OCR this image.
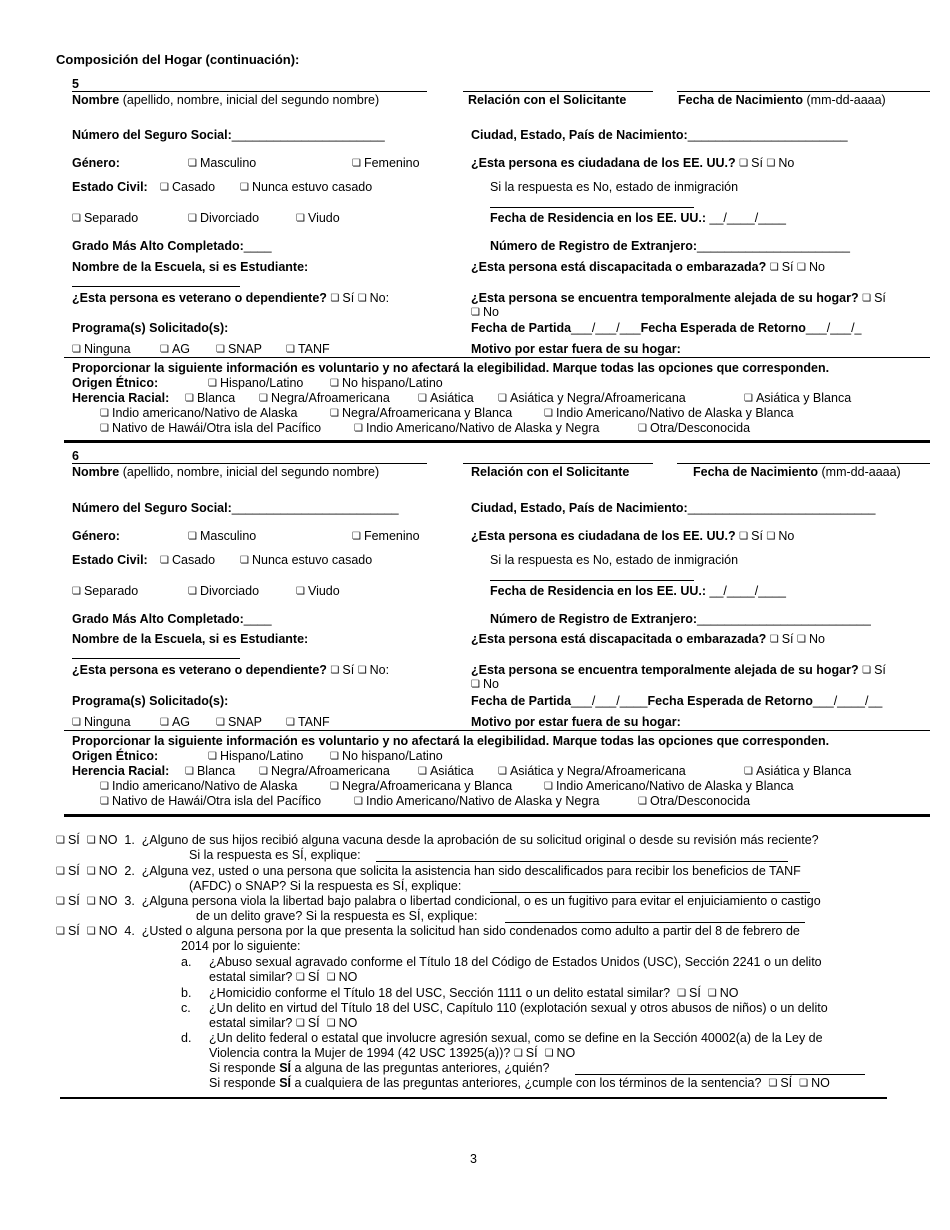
Composición del Hogar (continuación):
5
Nombre (apellido, nombre, inicial del segundo nombre)	Relación con el Solicitante	Fecha de Nacimiento (mm-dd-aaaa)
Número del Seguro Social:______________________	Ciudad, Estado, País de Nacimiento:_______________________
Género:	❏ Masculino	❏ Femenino	¿Esta persona es ciudadana de los EE. UU.? ❏ Sí ❏ No
Estado Civil:	❏ Casado	❏ Nunca estuvo casado	Si la respuesta es No, estado de inmigración
❏ Separado	❏ Divorciado	❏ Viudo	Fecha de Residencia en los EE. UU.: __/____/____
Grado Más Alto Completado:____	Número de Registro de Extranjero:______________________
Nombre de la Escuela, si es Estudiante:	¿Esta persona está discapacitada o embarazada? ❏ Sí ❏ No
¿Esta persona es veterano o dependiente? ❏ Sí ❏ No:	¿Esta persona se encuentra temporalmente alejada de su hogar? ❏ Sí
❏ No
Programa(s) Solicitado(s):	Fecha de Partida___/___/___Fecha Esperada de Retorno___/___/_
❏ Ninguna	❏ AG	❏ SNAP	❏ TANF	Motivo por estar fuera de su hogar:
Proporcionar la siguiente información es voluntario y no afectará la elegibilidad. Marque todas las opciones que corresponden.
Origen Étnico:	❏ Hispano/Latino	❏ No hispano/Latino
Herencia Racial:	❏ Blanca	❏ Negra/Afroamericana	❏ Asiática	❏ Asiática y Negra/Afroamericana	❏ Asiática y Blanca
❏ Indio americano/Nativo de Alaska	❏ Negra/Afroamericana y Blanca	❏ Indio Americano/Nativo de Alaska y Blanca
❏ Nativo de Hawái/Otra isla del Pacífico	❏ Indio Americano/Nativo de Alaska y Negra	❏ Otra/Desconocida
6
Nombre (apellido, nombre, inicial del segundo nombre)	Relación con el Solicitante	Fecha de Nacimiento (mm-dd-aaaa)
Número del Seguro Social:________________________	Ciudad, Estado, País de Nacimiento:___________________________
Género:	❏ Masculino	❏ Femenino	¿Esta persona es ciudadana de los EE. UU.? ❏ Sí ❏ No
Estado Civil:	❏ Casado	❏ Nunca estuvo casado	Si la respuesta es No, estado de inmigración
❏ Separado	❏ Divorciado	❏ Viudo	Fecha de Residencia en los EE. UU.: __/____/____
Grado Más Alto Completado:____	Número de Registro de Extranjero:_________________________
Nombre de la Escuela, si es Estudiante:	¿Esta persona está discapacitada o embarazada? ❏ Sí ❏ No
¿Esta persona es veterano o dependiente? ❏ Sí ❏ No:	¿Esta persona se encuentra temporalmente alejada de su hogar? ❏ Sí
❏ No
Programa(s) Solicitado(s):	Fecha de Partida___/___/____Fecha Esperada de Retorno___/____/__
❏ Ninguna	❏ AG	❏ SNAP	❏ TANF	Motivo por estar fuera de su hogar:
Proporcionar la siguiente información es voluntario y no afectará la elegibilidad. Marque todas las opciones que corresponden.
Origen Étnico:	❏ Hispano/Latino	❏ No hispano/Latino
Herencia Racial:	❏ Blanca	❏ Negra/Afroamericana	❏ Asiática	❏ Asiática y Negra/Afroamericana	❏ Asiática y Blanca
❏ Indio americano/Nativo de Alaska	❏ Negra/Afroamericana y Blanca	❏ Indio Americano/Nativo de Alaska y Blanca
❏ Nativo de Hawái/Otra isla del Pacífico	❏ Indio Americano/Nativo de Alaska y Negra	❏ Otra/Desconocida
❏ SÍ ❏ NO 1. ¿Alguno de sus hijos recibió alguna vacuna desde la aprobación de su solicitud original o desde su revisión más reciente?
Si la respuesta es SÍ, explique:
❏ SÍ ❏ NO 2. ¿Alguna vez, usted o una persona que solicita la asistencia han sido descalificados para recibir los beneficios de TANF
(AFDC) o SNAP? Si la respuesta es SÍ, explique:
❏ SÍ ❏ NO 3. ¿Alguna persona viola la libertad bajo palabra o libertad condicional, o es un fugitivo para evitar el enjuiciamiento o castigo
de un delito grave? Si la respuesta es SÍ, explique:
❏ SÍ ❏ NO 4. ¿Usted o alguna persona por la que presenta la solicitud han sido condenados como adulto a partir del 8 de febrero de
2014 por lo siguiente:
a. ¿Abuso sexual agravado conforme el Título 18 del Código de Estados Unidos (USC), Sección 2241 o un delito
estatal similar? ❏ SÍ ❏ NO
b. ¿Homicidio conforme el Título 18 del USC, Sección 1111 o un delito estatal similar? ❏ SÍ ❏ NO
c. ¿Un delito en virtud del Título 18 del USC, Capítulo 110 (explotación sexual y otros abusos de niños) o un delito
estatal similar? ❏ SÍ ❏ NO
d. ¿Un delito federal o estatal que involucre agresión sexual, como se define en la Sección 40002(a) de la Ley de
Violencia contra la Mujer de 1994 (42 USC 13925(a))? ❏ SÍ ❏ NO
Si responde SÍ a alguna de las preguntas anteriores, ¿quién?
Si responde SÍ a cualquiera de las preguntas anteriores, ¿cumple con los términos de la sentencia? ❏ SÍ ❏ NO
3
